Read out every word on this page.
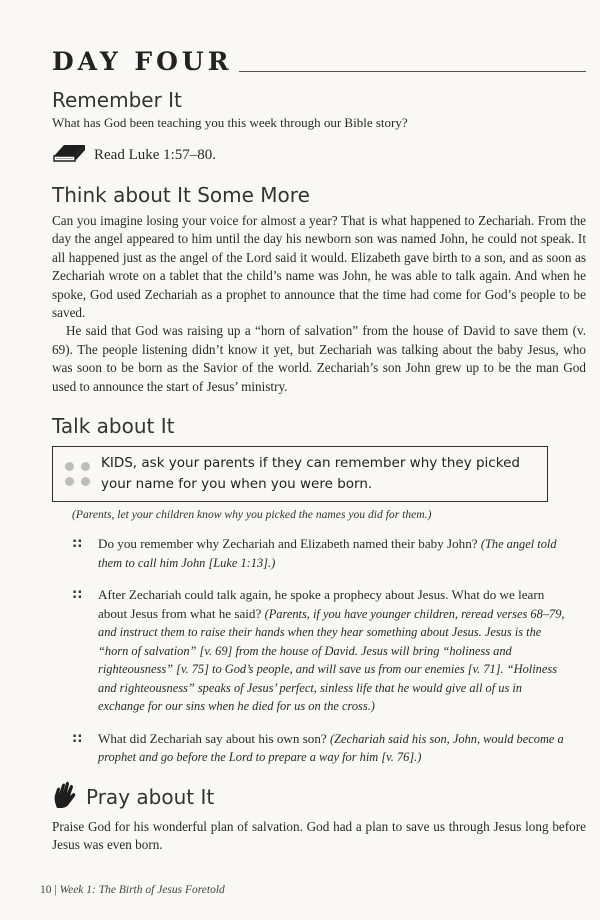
DAY FOUR
Remember It

What has God been teaching you this week through our Bible story?

Read Luke 1:57–80.
Think about It Some More

Can you imagine losing your voice for almost a year? That is what happened to Zechariah. From the day the angel appeared to him until the day his newborn son was named John, he could not speak. It all happened just as the angel of the Lord said it would. Elizabeth gave birth to a son, and as soon as Zechariah wrote on a tablet that the child’s name was John, he was able to talk again. And when he spoke, God used Zechariah as a prophet to announce that the time had come for God’s people to be saved.

He said that God was raising up a “horn of salvation” from the house of David to save them (v. 69). The people listening didn’t know it yet, but Zechariah was talking about the baby Jesus, who was soon to be born as the Savior of the world. Zechariah’s son John grew up to be the man God used to announce the start of Jesus’ ministry.

Talk about It
KIDS, ask your parents if they can remember why they picked your name for you when you were born.

(Parents, let your children know why you picked the names you did for them.)

::	Do you remember why Zechariah and Elizabeth named their baby John? (The angel told them to call him John [Luke 1:13].)
::	After Zechariah could talk again, he spoke a prophecy about Jesus. What do we learn about Jesus from what he said? (Parents, if you have younger children, reread verses 68–79, and instruct them to raise their hands when they hear something about Jesus. Jesus is the “horn of salvation” [v. 69] from the house of David. Jesus will bring “holiness and righteousness” [v. 75] to God’s people, and will save us from our enemies [v. 71]. “Holiness and righteousness” speaks of Jesus’ perfect, sinless life that he would give all of us in exchange for our sins when he died for us on the cross.)
::	What did Zechariah say about his own son? (Zechariah said his son, John, would become a prophet and go before the Lord to prepare a way for him [v. 76].)
Pray about It

Praise God for his wonderful plan of salvation. God had a plan to save us through Jesus long before Jesus was even born.

10 | Week 1: The Birth of Jesus Foretold
